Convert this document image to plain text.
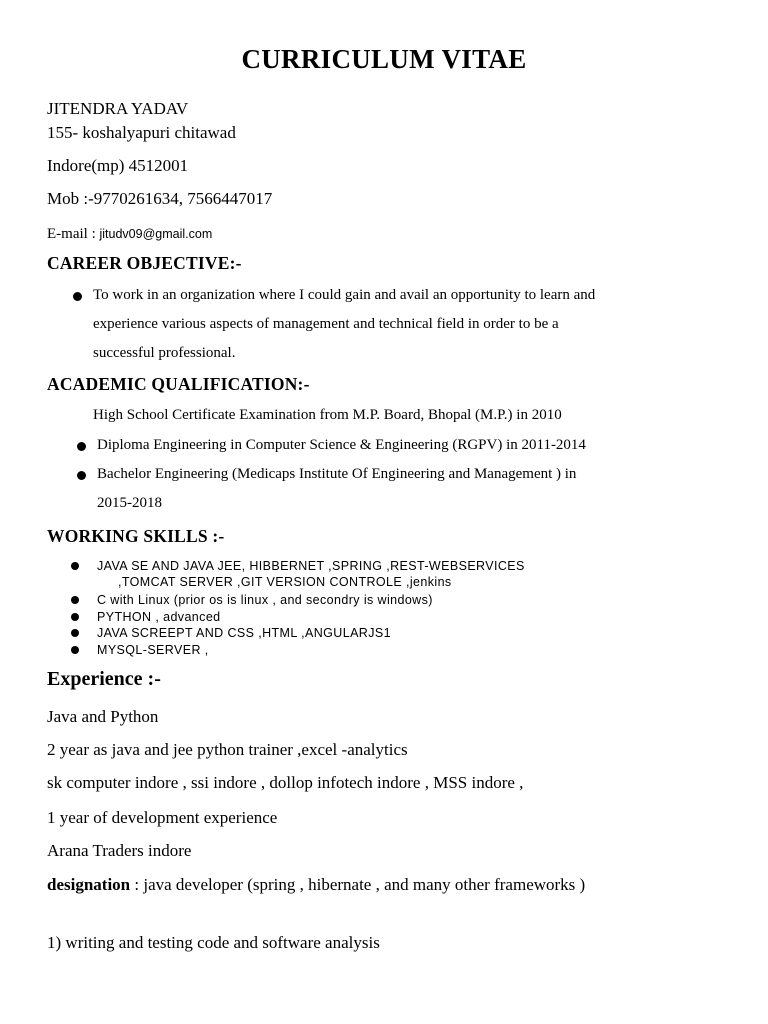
CURRICULUM VITAE
JITENDRA YADAV
155- koshalyapuri chitawad
Indore(mp) 4512001
Mob :-9770261634, 7566447017
E-mail : jitudv09@gmail.com
CAREER OBJECTIVE:-
To work in an organization where I could gain and avail an opportunity to learn and
experience various aspects of management and technical field in order to be a
successful professional.
ACADEMIC QUALIFICATION:-
High School Certificate Examination from M.P. Board, Bhopal (M.P.) in 2010
Diploma Engineering in Computer Science & Engineering (RGPV) in 2011-2014
Bachelor Engineering (Medicaps Institute Of Engineering and Management ) in
2015-2018
WORKING SKILLS :-
JAVA SE AND JAVA JEE, HIBBERNET ,SPRING ,REST-WEBSERVICES
,TOMCAT SERVER ,GIT VERSION CONTROLE ,jenkins
C with Linux (prior os is linux , and secondry is windows)
PYTHON , advanced
JAVA SCREEPT AND CSS ,HTML ,ANGULARJS1
MYSQL-SERVER ,
Experience :-
Java and Python
2 year as java and jee python trainer ,excel -analytics
sk computer indore , ssi indore , dollop infotech indore , MSS indore ,
1 year of development experience
Arana Traders indore
designation : java developer (spring , hibernate , and many other frameworks )
1) writing and testing code and software analysis
